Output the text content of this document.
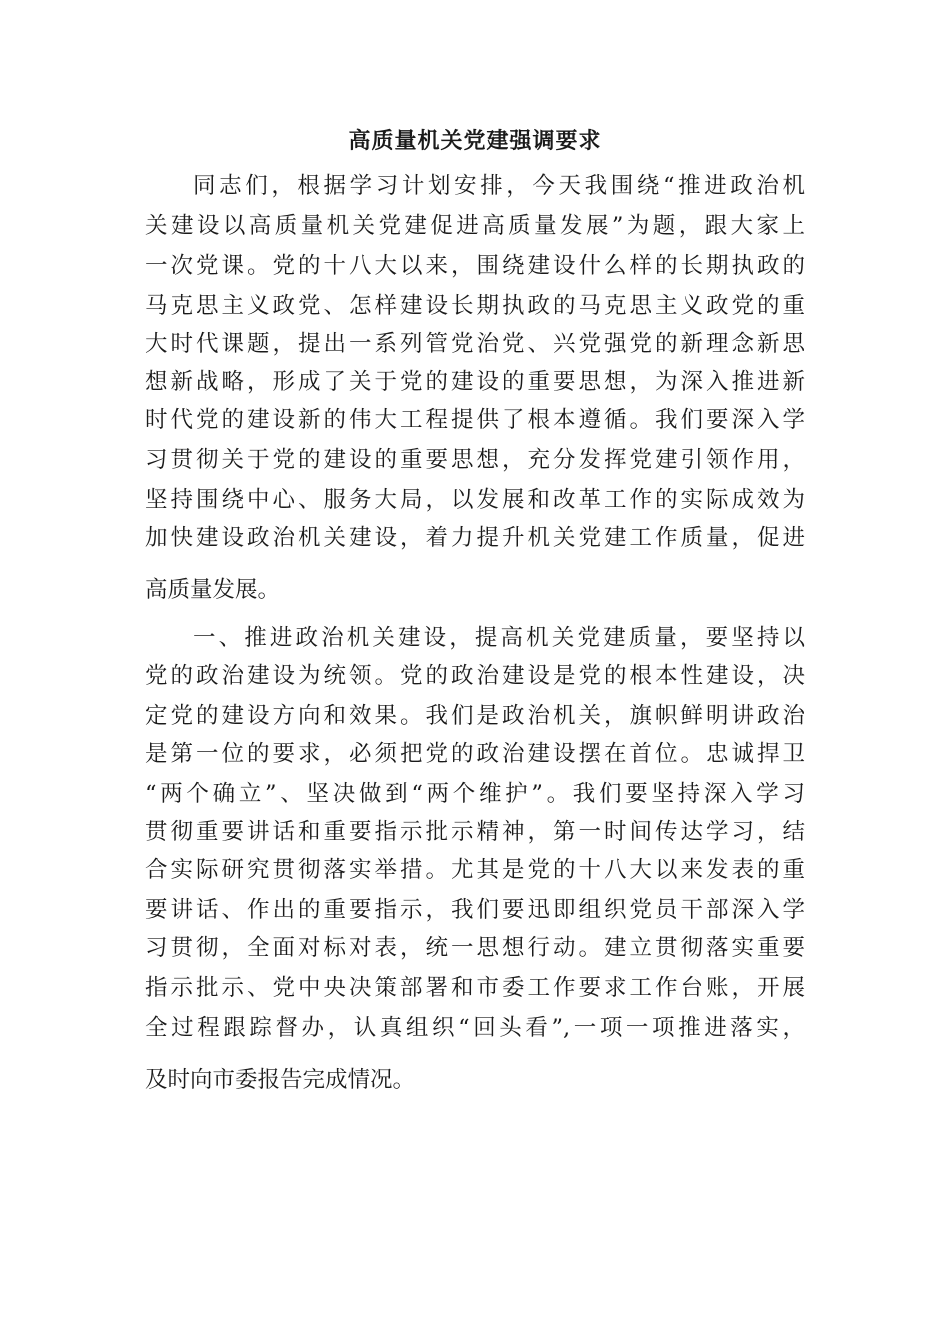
高质量机关党建强调要求

同志们，根据学习计划安排，今天我围绕“推进政治机

关建设以高质量机关党建促进高质量发展”为题，跟大家上

一次党课。党的十八大以来，围绕建设什么样的长期执政的

马克思主义政党、怎样建设长期执政的马克思主义政党的重

大时代课题，提出一系列管党治党、兴党强党的新理念新思

想新战略，形成了关于党的建设的重要思想，为深入推进新

时代党的建设新的伟大工程提供了根本遵循。我们要深入学

习贯彻关于党的建设的重要思想，充分发挥党建引领作用，

坚持围绕中心、服务大局，以发展和改革工作的实际成效为

加快建设政治机关建设，着力提升机关党建工作质量，促进

高质量发展。

一、推进政治机关建设，提高机关党建质量，要坚持以

党的政治建设为统领。党的政治建设是党的根本性建设，决

定党的建设方向和效果。我们是政治机关，旗帜鲜明讲政治

是第一位的要求，必须把党的政治建设摆在首位。忠诚捍卫

“两个确立”、坚决做到“两个维护”。我们要坚持深入学习

贯彻重要讲话和重要指示批示精神，第一时间传达学习，结

合实际研究贯彻落实举措。尤其是党的十八大以来发表的重

要讲话、作出的重要指示，我们要迅即组织党员干部深入学

习贯彻，全面对标对表，统一思想行动。建立贯彻落实重要

指示批示、党中央决策部署和市委工作要求工作台账，开展

全过程跟踪督办，认真组织“回头看”,一项一项推进落实，

及时向市委报告完成情况。
